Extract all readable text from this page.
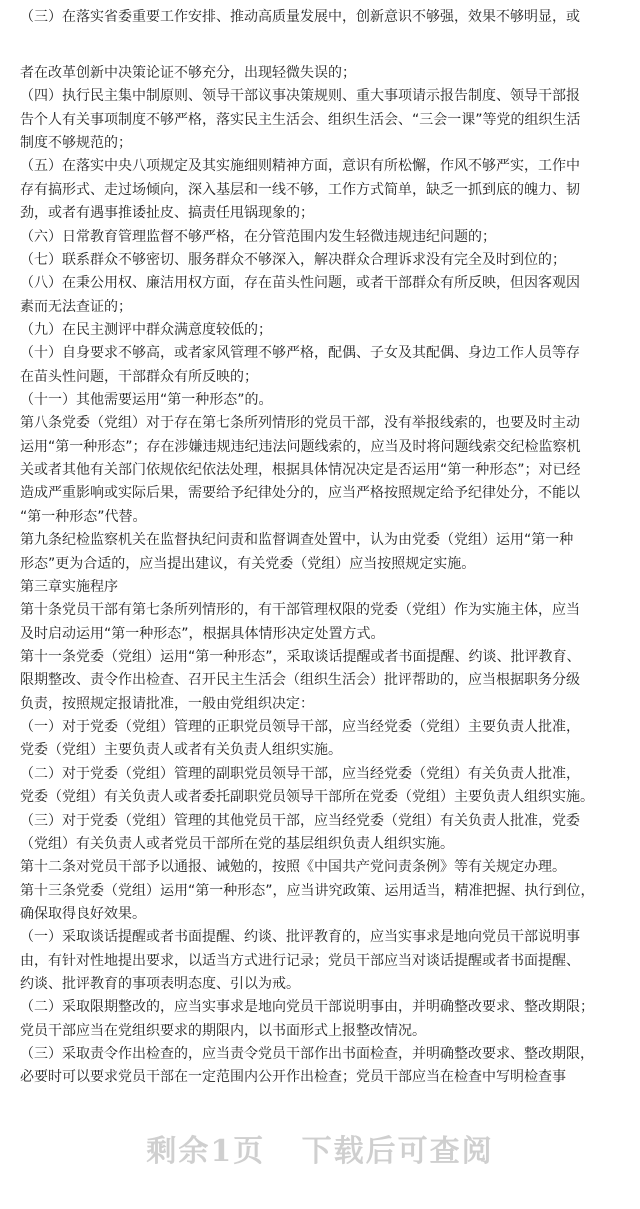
（三）在落实省委重要工作安排、推动高质量发展中，创新意识不够强，效果不够明显，或
者在改革创新中决策论证不够充分，出现轻微失误的；
（四）执行民主集中制原则、领导干部议事决策规则、重大事项请示报告制度、领导干部报
告个人有关事项制度不够严格，落实民主生活会、组织生活会、“三会一课”等党的组织生活
制度不够规范的；
（五）在落实中央八项规定及其实施细则精神方面，意识有所松懈，作风不够严实，工作中
存有搞形式、走过场倾向，深入基层和一线不够，工作方式简单，缺乏一抓到底的魄力、韧
劲，或者有遇事推诿扯皮、搞责任甩锅现象的；
（六）日常教育管理监督不够严格，在分管范围内发生轻微违规违纪问题的；
（七）联系群众不够密切、服务群众不够深入，解决群众合理诉求没有完全及时到位的；
（八）在秉公用权、廉洁用权方面，存在苗头性问题，或者干部群众有所反映，但因客观因
素而无法查证的；
（九）在民主测评中群众满意度较低的；
（十）自身要求不够高，或者家风管理不够严格，配偶、子女及其配偶、身边工作人员等存
在苗头性问题，干部群众有所反映的；
（十一）其他需要运用“第一种形态”的。
第八条党委（党组）对于存在第七条所列情形的党员干部，没有举报线索的，也要及时主动
运用“第一种形态”；存在涉嫌违规违纪违法问题线索的，应当及时将问题线索交纪检监察机
关或者其他有关部门依规依纪依法处理，根据具体情况决定是否运用“第一种形态”；对已经
造成严重影响或实际后果，需要给予纪律处分的，应当严格按照规定给予纪律处分，不能以
“第一种形态”代替。
第九条纪检监察机关在监督执纪问责和监督调查处置中，认为由党委（党组）运用“第一种
形态”更为合适的，应当提出建议，有关党委（党组）应当按照规定实施。
第三章实施程序
第十条党员干部有第七条所列情形的，有干部管理权限的党委（党组）作为实施主体，应当
及时启动运用“第一种形态”，根据具体情形决定处置方式。
第十一条党委（党组）运用“第一种形态”，采取谈话提醒或者书面提醒、约谈、批评教育、
限期整改、责令作出检查、召开民主生活会（组织生活会）批评帮助的，应当根据职务分级
负责，按照规定报请批准，一般由党组织决定：
（一）对于党委（党组）管理的正职党员领导干部，应当经党委（党组）主要负责人批准，
党委（党组）主要负责人或者有关负责人组织实施。
（二）对于党委（党组）管理的副职党员领导干部，应当经党委（党组）有关负责人批准，
党委（党组）有关负责人或者委托副职党员领导干部所在党委（党组）主要负责人组织实施。
（三）对于党委（党组）管理的其他党员干部，应当经党委（党组）有关负责人批准，党委
（党组）有关负责人或者党员干部所在党的基层组织负责人组织实施。
第十二条对党员干部予以通报、诫勉的，按照《中国共产党问责条例》等有关规定办理。
第十三条党委（党组）运用“第一种形态”，应当讲究政策、运用适当，精准把握、执行到位，
确保取得良好效果。
（一）采取谈话提醒或者书面提醒、约谈、批评教育的，应当实事求是地向党员干部说明事
由，有针对性地提出要求，以适当方式进行记录；党员干部应当对谈话提醒或者书面提醒、
约谈、批评教育的事项表明态度、引以为戒。
（二）采取限期整改的，应当实事求是地向党员干部说明事由，并明确整改要求、整改期限；
党员干部应当在党组织要求的期限内，以书面形式上报整改情况。
（三）采取责令作出检查的，应当责令党员干部作出书面检查，并明确整改要求、整改期限，
必要时可以要求党员干部在一定范围内公开作出检查；党员干部应当在检查中写明检查事
剩余1页 下载后可查阅
